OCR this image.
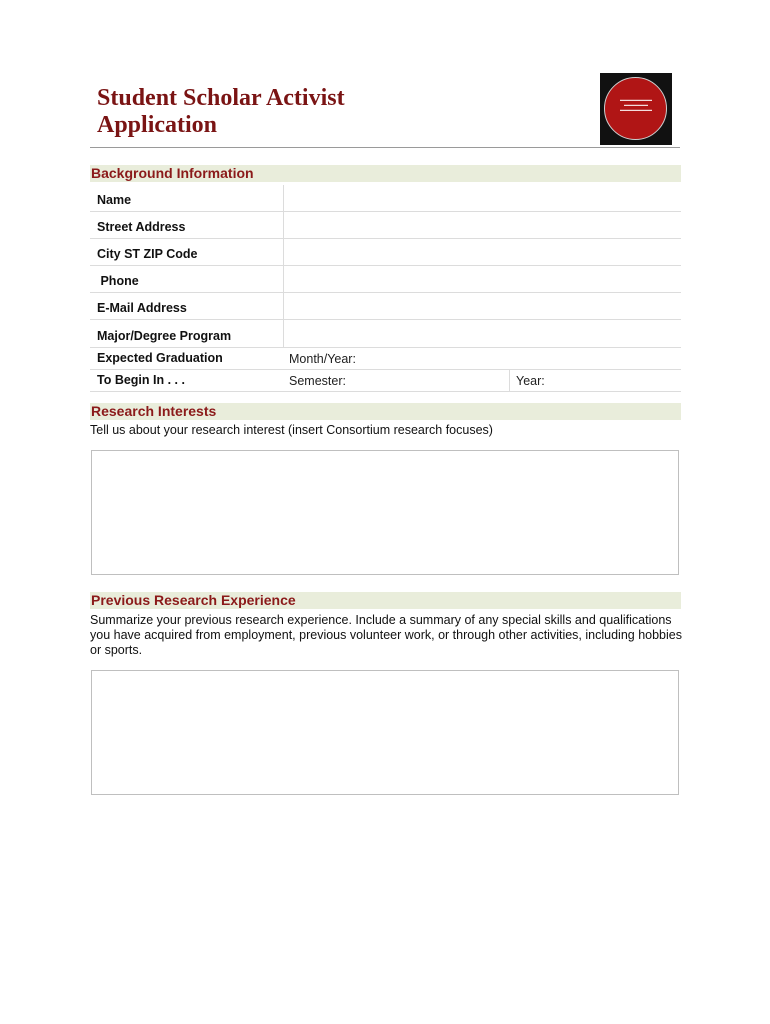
Student Scholar Activist
Application
▬▬▬▬▬▬▬▬
▬▬▬▬▬▬
▬▬▬▬▬▬▬▬
Background Information
Name
Street Address
City ST ZIP Code
Phone
E-Mail Address
Major/Degree Program
Expected Graduation	Month/Year:
To Begin In . . .	Semester:	Year:
Research Interests

Tell us about your research interest (insert Consortium research focuses)

Previous Research Experience

Summarize your previous research experience. Include a summary of any special skills and qualifications you have acquired from employment, previous volunteer work, or through other activities, including hobbies or sports.
